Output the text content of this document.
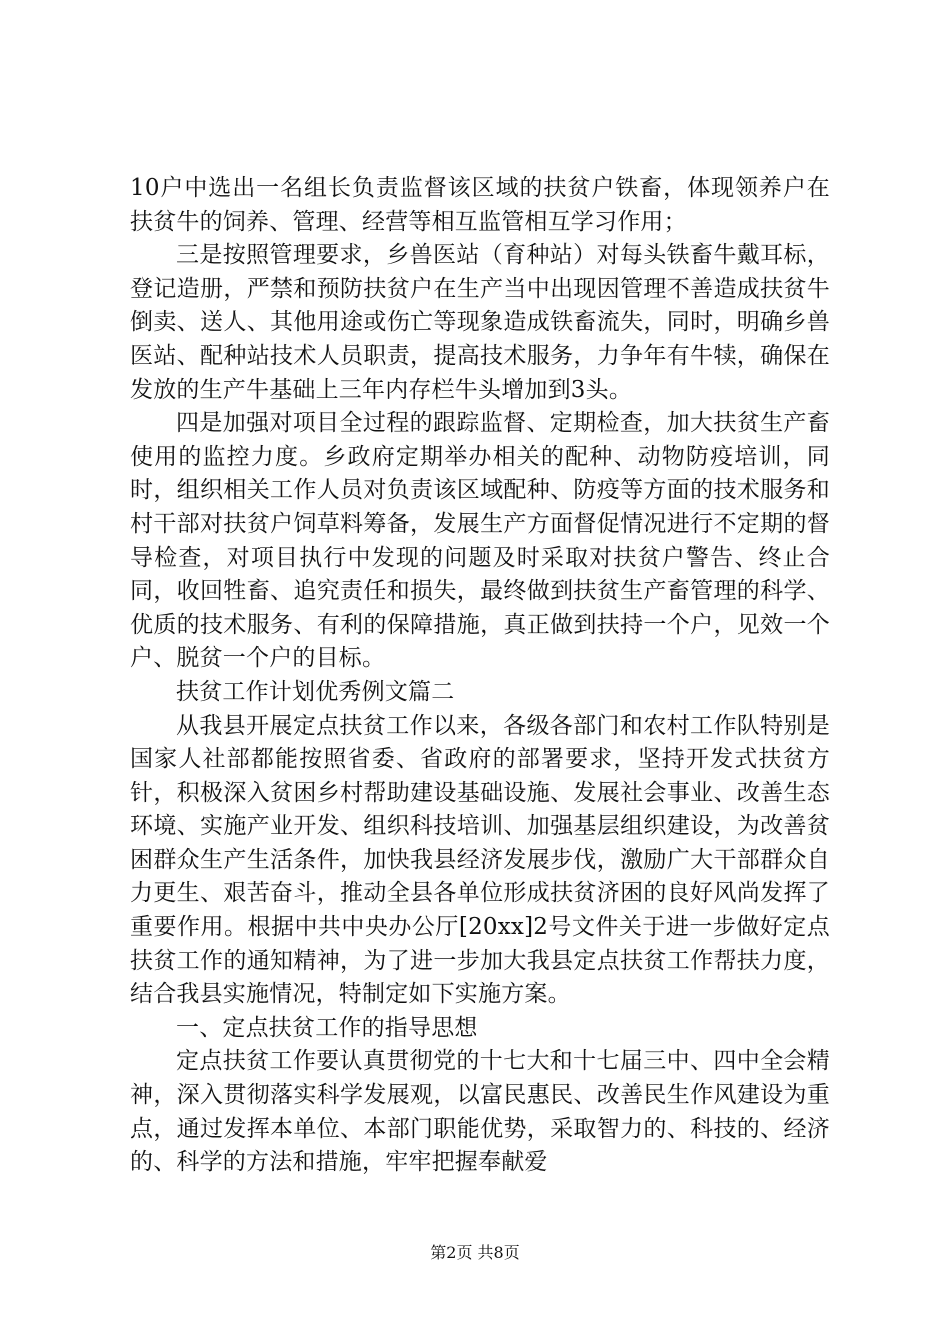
10户中选出一名组长负责监督该区域的扶贫户铁畜，体现领养户在扶贫牛的饲养、管理、经营等相互监管相互学习作用；

三是按照管理要求，乡兽医站（育种站）对每头铁畜牛戴耳标，登记造册，严禁和预防扶贫户在生产当中出现因管理不善造成扶贫牛倒卖、送人、其他用途或伤亡等现象造成铁畜流失，同时，明确乡兽医站、配种站技术人员职责，提高技术服务，力争年有牛犊，确保在发放的生产牛基础上三年内存栏牛头增加到3头。

四是加强对项目全过程的跟踪监督、定期检查，加大扶贫生产畜使用的监控力度。乡政府定期举办相关的配种、动物防疫培训，同时，组织相关工作人员对负责该区域配种、防疫等方面的技术服务和村干部对扶贫户饲草料筹备，发展生产方面督促情况进行不定期的督导检查，对项目执行中发现的问题及时采取对扶贫户警告、终止合同，收回牲畜、追究责任和损失，最终做到扶贫生产畜管理的科学、优质的技术服务、有利的保障措施，真正做到扶持一个户，见效一个户、脱贫一个户的目标。

扶贫工作计划优秀例文篇二

从我县开展定点扶贫工作以来，各级各部门和农村工作队特别是国家人社部都能按照省委、省政府的部署要求，坚持开发式扶贫方针，积极深入贫困乡村帮助建设基础设施、发展社会事业、改善生态环境、实施产业开发、组织科技培训、加强基层组织建设，为改善贫困群众生产生活条件，加快我县经济发展步伐，激励广大干部群众自力更生、艰苦奋斗，推动全县各单位形成扶贫济困的良好风尚发挥了重要作用。根据中共中央办公厅[20xx]2号文件关于进一步做好定点扶贫工作的通知精神，为了进一步加大我县定点扶贫工作帮扶力度，结合我县实施情况，特制定如下实施方案。

一、定点扶贫工作的指导思想

定点扶贫工作要认真贯彻党的十七大和十七届三中、四中全会精神，深入贯彻落实科学发展观，以富民惠民、改善民生作风建设为重点，通过发挥本单位、本部门职能优势，采取智力的、科技的、经济的、科学的方法和措施，牢牢把握奉献爱

第2页 共8页
